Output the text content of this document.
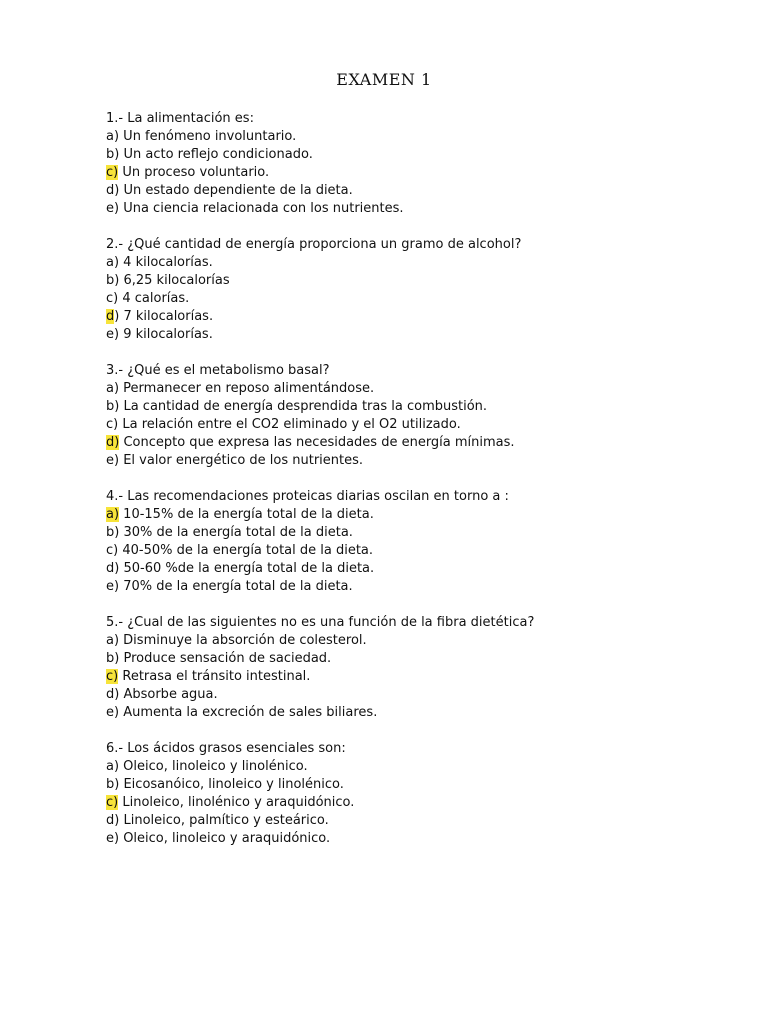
EXAMEN 1
1.- La alimentación es:
a) Un fenómeno involuntario.
b) Un acto reflejo condicionado.
c) Un proceso voluntario.
d) Un estado dependiente de la dieta.
e) Una ciencia relacionada con los nutrientes.
2.- ¿Qué cantidad de energía proporciona un gramo de alcohol?
a) 4 kilocalorías.
b) 6,25 kilocalorías
c) 4 calorías.
d) 7 kilocalorías.
e) 9 kilocalorías.
3.- ¿Qué es el metabolismo basal?
a) Permanecer en reposo alimentándose.
b) La cantidad de energía desprendida tras la combustión.
c) La relación entre el CO2 eliminado y el O2 utilizado.
d) Concepto que expresa las necesidades de energía mínimas.
e) El valor energético de los nutrientes.
4.- Las recomendaciones proteicas diarias oscilan en torno a :
a) 10-15% de la energía total de la dieta.
b) 30% de la energía total de la dieta.
c) 40-50% de la energía total de la dieta.
d) 50-60 %de la energía total de la dieta.
e) 70% de la energía total de la dieta.
5.- ¿Cual de las siguientes no es una función de la fibra dietética?
a) Disminuye la absorción de colesterol.
b) Produce sensación de saciedad.
c) Retrasa el tránsito intestinal.
d) Absorbe agua.
e) Aumenta la excreción de sales biliares.
6.- Los ácidos grasos esenciales son:
a) Oleico, linoleico y linolénico.
b) Eicosanóico, linoleico y linolénico.
c) Linoleico, linolénico y araquidónico.
d) Linoleico, palmítico y esteárico.
e) Oleico, linoleico y araquidónico.
